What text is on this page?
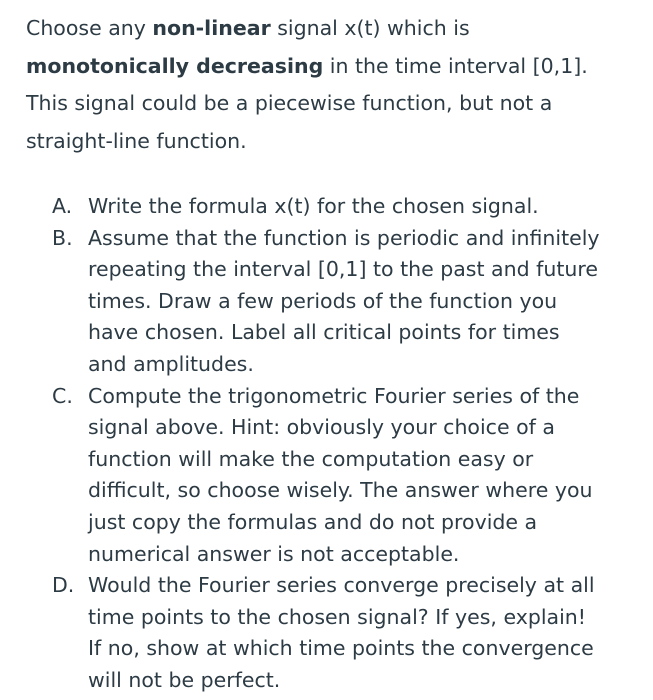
Choose any non-linear signal x(t) which is monotonically decreasing in the time interval [0,1]. This signal could be a piecewise function, but not a straight-line function.

A. Write the formula x(t) for the chosen signal.
B. Assume that the function is periodic and infinitely repeating the interval [0,1] to the past and future times. Draw a few periods of the function you have chosen. Label all critical points for times and amplitudes.
C. Compute the trigonometric Fourier series of the signal above. Hint: obviously your choice of a function will make the computation easy or difficult, so choose wisely. The answer where you just copy the formulas and do not provide a numerical answer is not acceptable.
D. Would the Fourier series converge precisely at all time points to the chosen signal? If yes, explain! If no, show at which time points the convergence will not be perfect.
